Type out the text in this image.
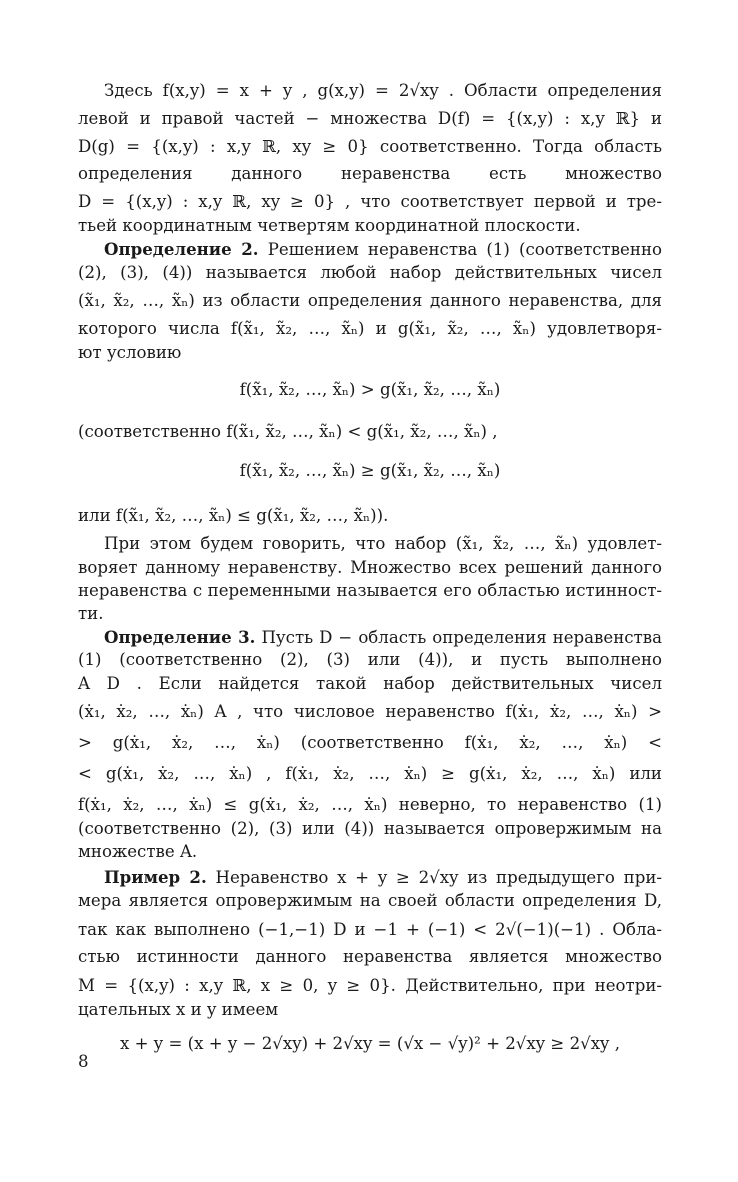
Здесь f(x,y) = x + y , g(x,y) = 2√xy . Области определения
левой и правой частей − множества D(f) = {(x,y) : x,y ℝ} и
D(g) = {(x,y) : x,y ℝ, xy ≥ 0} соответственно. Тогда область
определения данного неравенства есть множество
D = {(x,y) : x,y ℝ, xy ≥ 0} , что соответствует первой и тре-
тьей координатным четвертям координатной плоскости.
Определение 2. Решением неравенства (1) (соответственно
(2), (3), (4)) называется любой набор действительных чисел
(x̃₁, x̃₂, …, x̃ₙ) из области определения данного неравенства, для
которого числа f(x̃₁, x̃₂, …, x̃ₙ) и g(x̃₁, x̃₂, …, x̃ₙ) удовлетворя-
ют условию
f(x̃₁, x̃₂, …, x̃ₙ) > g(x̃₁, x̃₂, …, x̃ₙ)
(соответственно f(x̃₁, x̃₂, …, x̃ₙ) < g(x̃₁, x̃₂, …, x̃ₙ) ,
f(x̃₁, x̃₂, …, x̃ₙ) ≥ g(x̃₁, x̃₂, …, x̃ₙ)
или f(x̃₁, x̃₂, …, x̃ₙ) ≤ g(x̃₁, x̃₂, …, x̃ₙ)).
При этом будем говорить, что набор (x̃₁, x̃₂, …, x̃ₙ) удовлет-
воряет данному неравенству. Множество всех решений данного
неравенства с переменными называется его областью истинност-
ти.
Определение 3. Пусть D − область определения неравенства
(1) (соответственно (2), (3) или (4)), и пусть выполнено
A D . Если найдется такой набор действительных чисел
(ẋ₁, ẋ₂, …, ẋₙ) A , что числовое неравенство f(ẋ₁, ẋ₂, …, ẋₙ) >
> g(ẋ₁, ẋ₂, …, ẋₙ) (соответственно f(ẋ₁, ẋ₂, …, ẋₙ) <
< g(ẋ₁, ẋ₂, …, ẋₙ) , f(ẋ₁, ẋ₂, …, ẋₙ) ≥ g(ẋ₁, ẋ₂, …, ẋₙ) или
f(ẋ₁, ẋ₂, …, ẋₙ) ≤ g(ẋ₁, ẋ₂, …, ẋₙ) неверно, то неравенство (1)
(соответственно (2), (3) или (4)) называется опровержимым на
множестве A.
Пример 2. Неравенство x + y ≥ 2√xy из предыдущего при-
мера является опровержимым на своей области определения D,
так как выполнено (−1,−1) D и −1 + (−1) < 2√(−1)(−1) . Обла-
стью истинности данного неравенства является множество
M = {(x,y) : x,y ℝ, x ≥ 0, y ≥ 0}. Действительно, при неотри-
цательных x и y имеем
x + y = (x + y − 2√xy) + 2√xy = (√x − √y)² + 2√xy ≥ 2√xy ,
8
